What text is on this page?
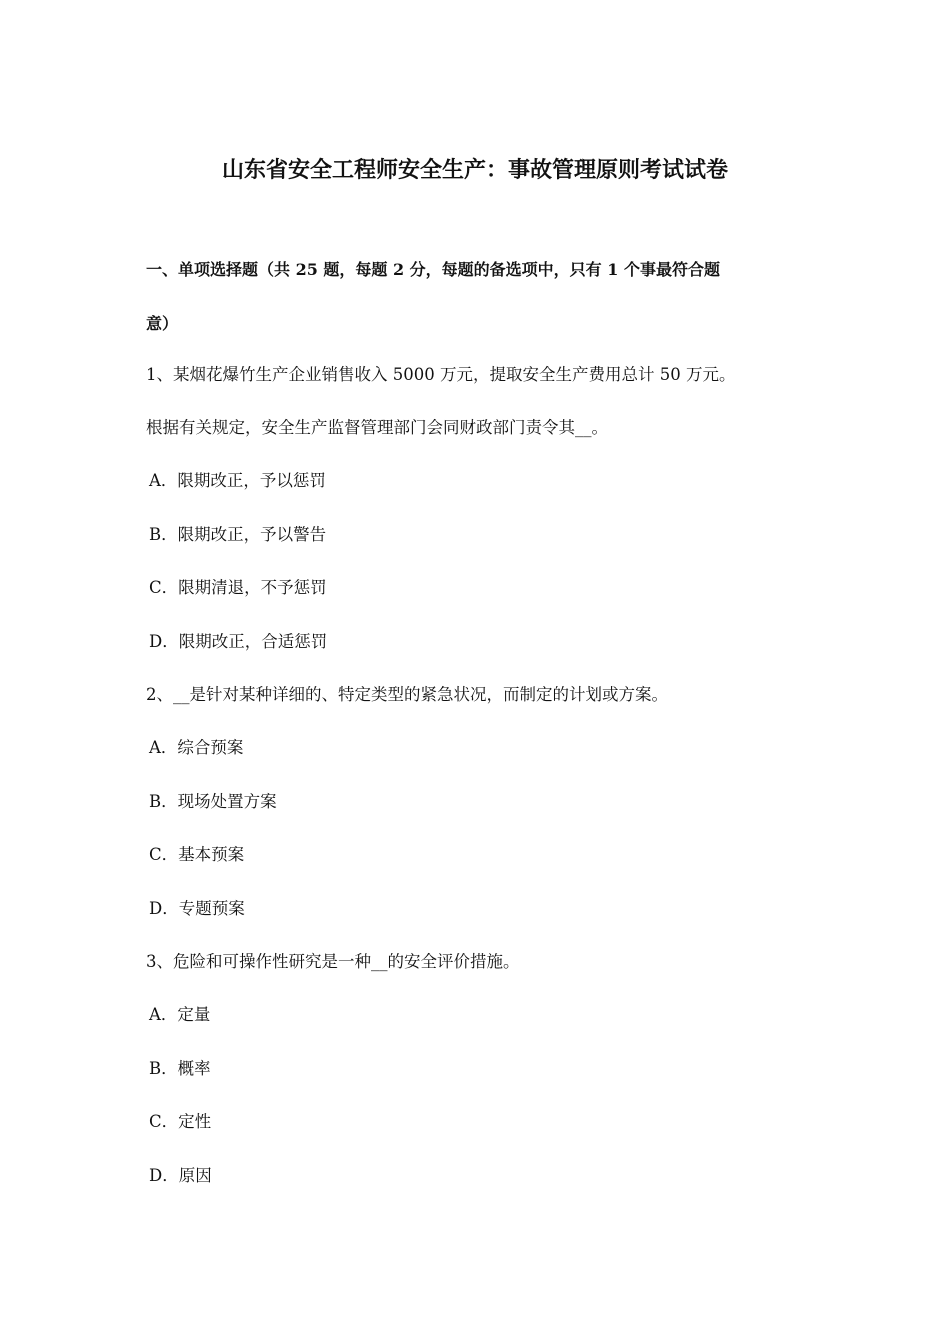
山东省安全工程师安全生产：事故管理原则考试试卷
一、单项选择题（共 25 题，每题 2 分，每题的备选项中，只有 1 个事最符合题
意）
1、某烟花爆竹生产企业销售收入 5000 万元，提取安全生产费用总计 50 万元。
根据有关规定，安全生产监督管理部门会同财政部门责令其__。
A．限期改正，予以惩罚
B．限期改正，予以警告
C．限期清退，不予惩罚
D．限期改正，合适惩罚
2、__是针对某种详细的、特定类型的紧急状况，而制定的计划或方案。
A．综合预案
B．现场处置方案
C．基本预案
D．专题预案
3、危险和可操作性研究是一种__的安全评价措施。
A．定量
B．概率
C．定性
D．原因
